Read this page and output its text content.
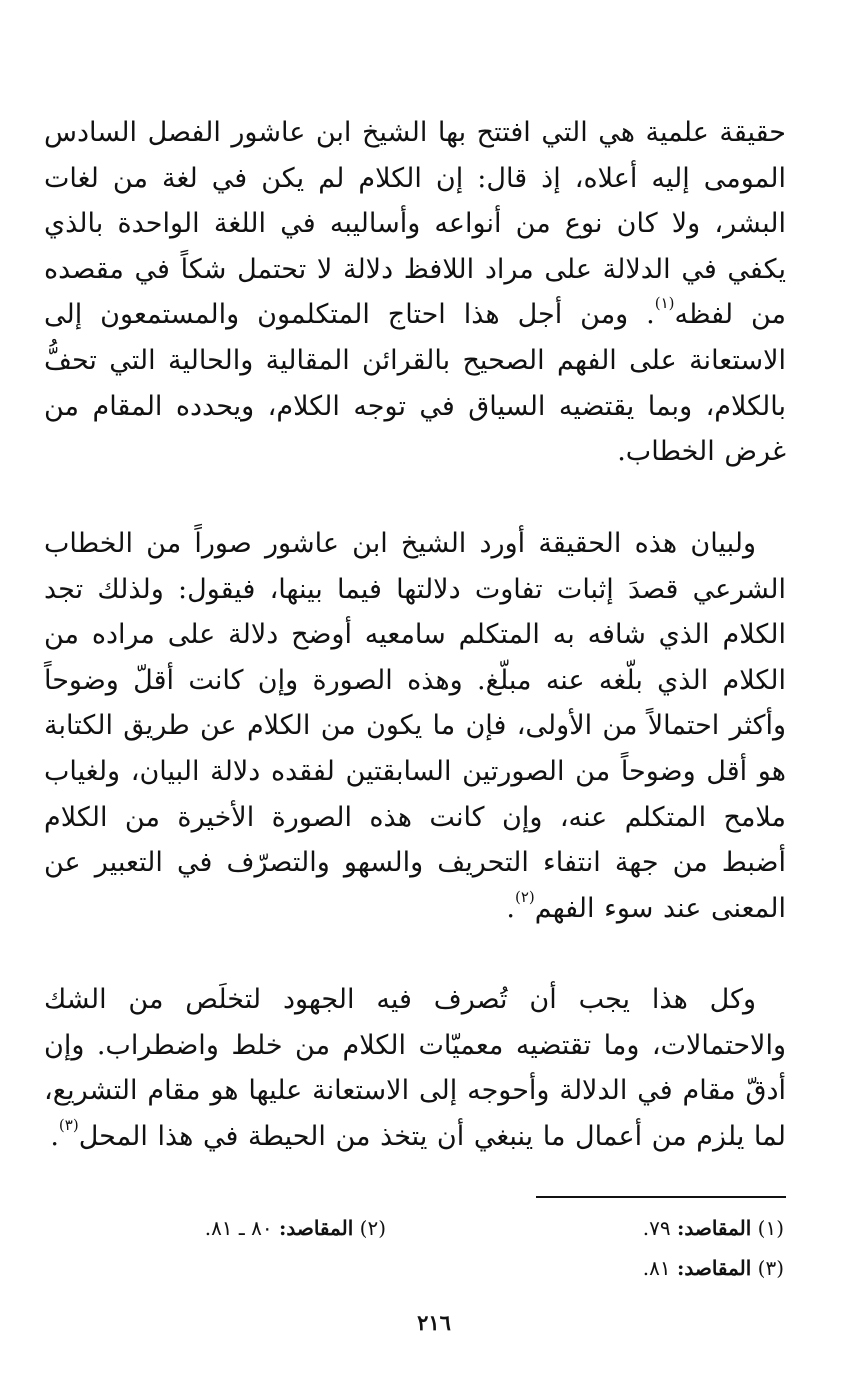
حقيقة علمية هي التي افتتح بها الشيخ ابن عاشور الفصل السادس المومى إليه أعلاه، إذ قال: إن الكلام لم يكن في لغة من لغات البشر، ولا كان نوع من أنواعه وأساليبه في اللغة الواحدة بالذي يكفي في الدلالة على مراد اللافظ دلالة لا تحتمل شكاً في مقصده من لفظه$^{(١)}$. ومن أجل هذا احتاج المتكلمون والمستمعون إلى الاستعانة على الفهم الصحيح بالقرائن المقالية والحالية التي تحفُّ بالكلام، وبما يقتضيه السياق في توجه الكلام، ويحدده المقام من غرض الخطاب.

ولبيان هذه الحقيقة أورد الشيخ ابن عاشور صوراً من الخطاب الشرعي قصدَ إثبات تفاوت دلالتها فيما بينها، فيقول: ولذلك تجد الكلام الذي شافه به المتكلم سامعيه أوضح دلالة على مراده من الكلام الذي بلّغه عنه مبلّغ. وهذه الصورة وإن كانت أقلّ وضوحاً وأكثر احتمالاً من الأولى، فإن ما يكون من الكلام عن طريق الكتابة هو أقل وضوحاً من الصورتين السابقتين لفقده دلالة البيان، ولغياب ملامح المتكلم عنه، وإن كانت هذه الصورة الأخيرة من الكلام أضبط من جهة انتفاء التحريف والسهو والتصرّف في التعبير عن المعنى عند سوء الفهم$^{(٢)}$.

وكل هذا يجب أن تُصرف فيه الجهود لتخلَص من الشك والاحتمالات، وما تقتضيه معميّات الكلام من خلط واضطراب. وإن أدقّ مقام في الدلالة وأحوجه إلى الاستعانة عليها هو مقام التشريع، لما يلزم من أعمال ما ينبغي أن يتخذ من الحيطة في هذا المحل$^{(٣)}$.

(١) المقاصد: ٧٩.
(٢) المقاصد: ٨٠ ـ ٨١.
(٣) المقاصد: ٨١.
٢١٦
